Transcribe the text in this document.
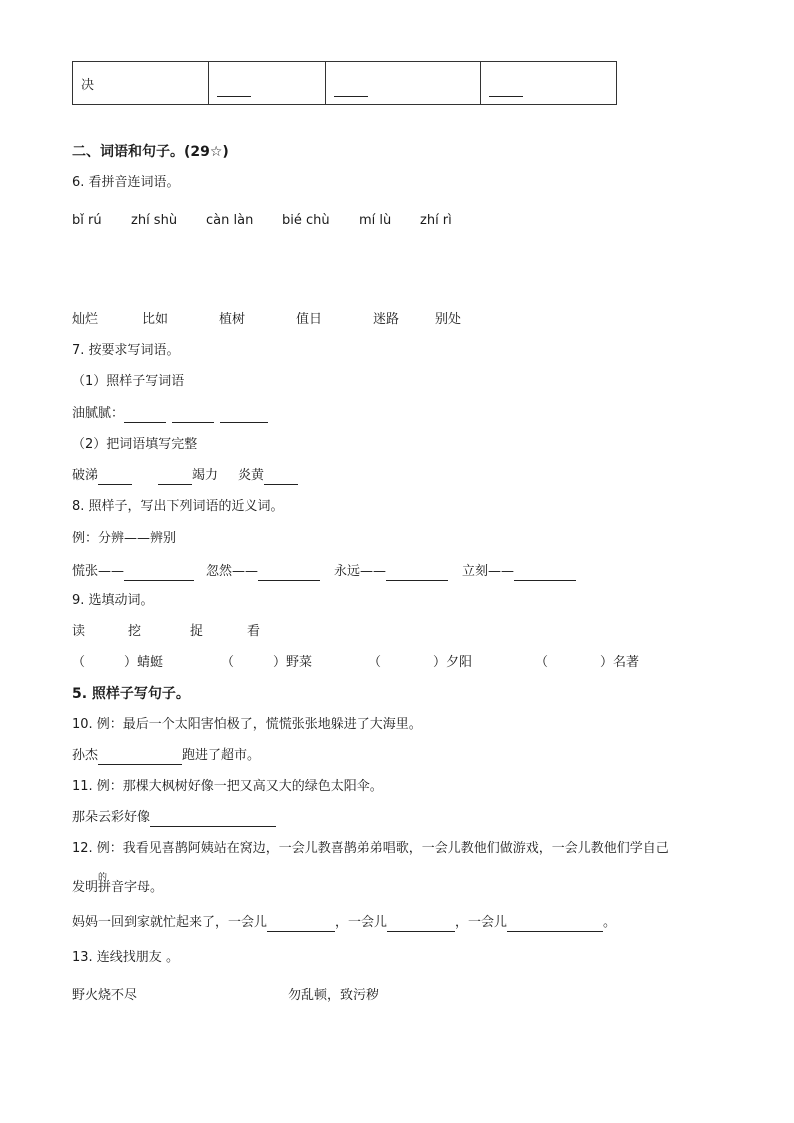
决			
二、词语和句子。(29☆)
6. 看拼音连词语。
bǐ rú zhí shù càn làn bié chù mí lù zhí rì
灿烂	比如	植树	值日	迷路	别处
7. 按要求写词语。
（1）照样子写词语
油腻腻：
（2）把词语填写完整
破涕	竭力 炎黄
8. 照样子，写出下列词语的近义词。
例：分辨——辨别
慌张——	忽然——	永远——	立刻——
9. 选填动词。
读	挖	捉	看
（　　　）蜻蜓	（　　　）野菜	（　　　　）夕阳	（　　　　）名著
5. 照样子写句子。
10. 例：最后一个太阳害怕极了，慌慌张张地躲进了大海里。
孙杰	跑进了超市。
11. 例：那棵大枫树好像一把又高又大的绿色太阳伞。
那朵云彩好像
12. 例：我看见喜鹊阿姨站在窝边，一会儿教喜鹊弟弟唱歌，一会儿教他们做游戏，一会儿教他们学自己
发明拼音字母。
的
妈妈一回到家就忙起来了，一会儿	，一会儿	，一会儿	。
13. 连线找朋友 。
野火烧不尽	勿乱顿，致污秽
